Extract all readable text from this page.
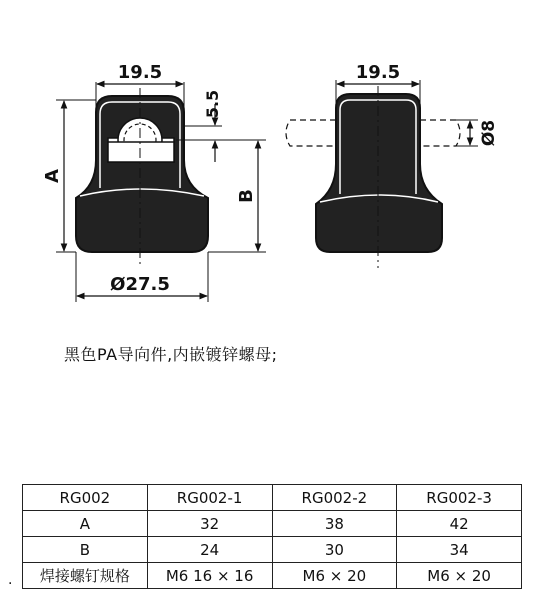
19.5
5.5
A
B
Ø27.5
19.5
Ø8
黑色PA导向件,内嵌镀锌螺母;
.
RG002	RG002-1	RG002-2	RG002-3
A	32	38	42
B	24	30	34
焊接螺钉规格	M6 16 × 16	M6 × 20	M6 × 20
